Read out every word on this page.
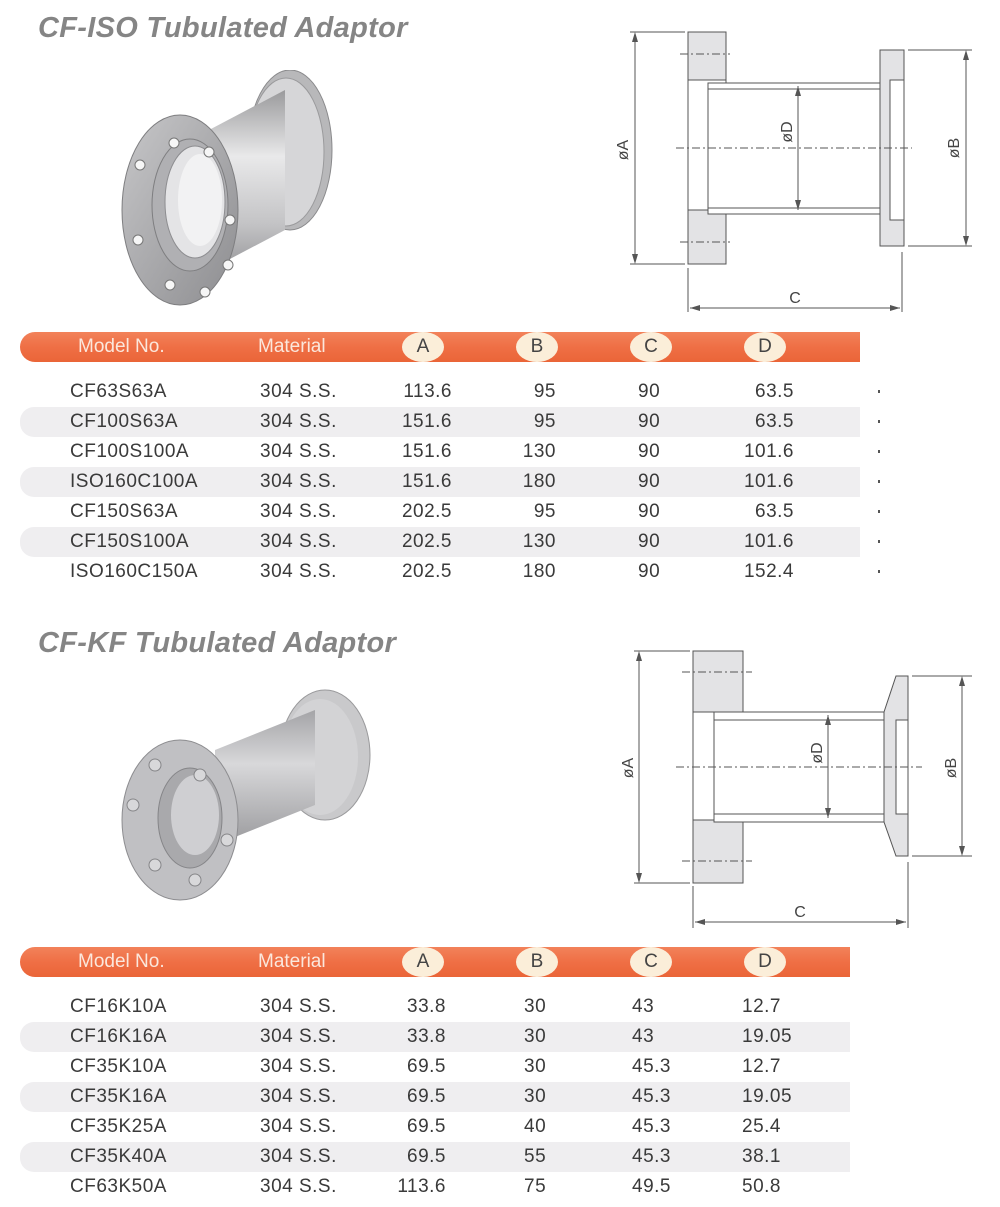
CF-ISO Tubulated Adaptor
øA	øB
øD
C
Model No.	Material	A	B	C	D
CF63S63A	304 S.S.	113.6	95	90	63.5
CF100S63A	304 S.S.	151.6	95	90	63.5
CF100S100A	304 S.S.	151.6	130	90	101.6
ISO160C100A	304 S.S.	151.6	180	90	101.6
CF150S63A	304 S.S.	202.5	95	90	63.5
CF150S100A	304 S.S.	202.5	130	90	101.6
ISO160C150A	304 S.S.	202.5	180	90	152.4
CF-KF Tubulated Adaptor
øA	øB
øD
C
Model No.	Material	A	B	C	D
CF16K10A	304 S.S.	33.8	30	43	12.7
CF16K16A	304 S.S.	33.8	30	43	19.05
CF35K10A	304 S.S.	69.5	30	45.3	12.7
CF35K16A	304 S.S.	69.5	30	45.3	19.05
CF35K25A	304 S.S.	69.5	40	45.3	25.4
CF35K40A	304 S.S.	69.5	55	45.3	38.1
CF63K50A	304 S.S.	113.6	75	49.5	50.8
